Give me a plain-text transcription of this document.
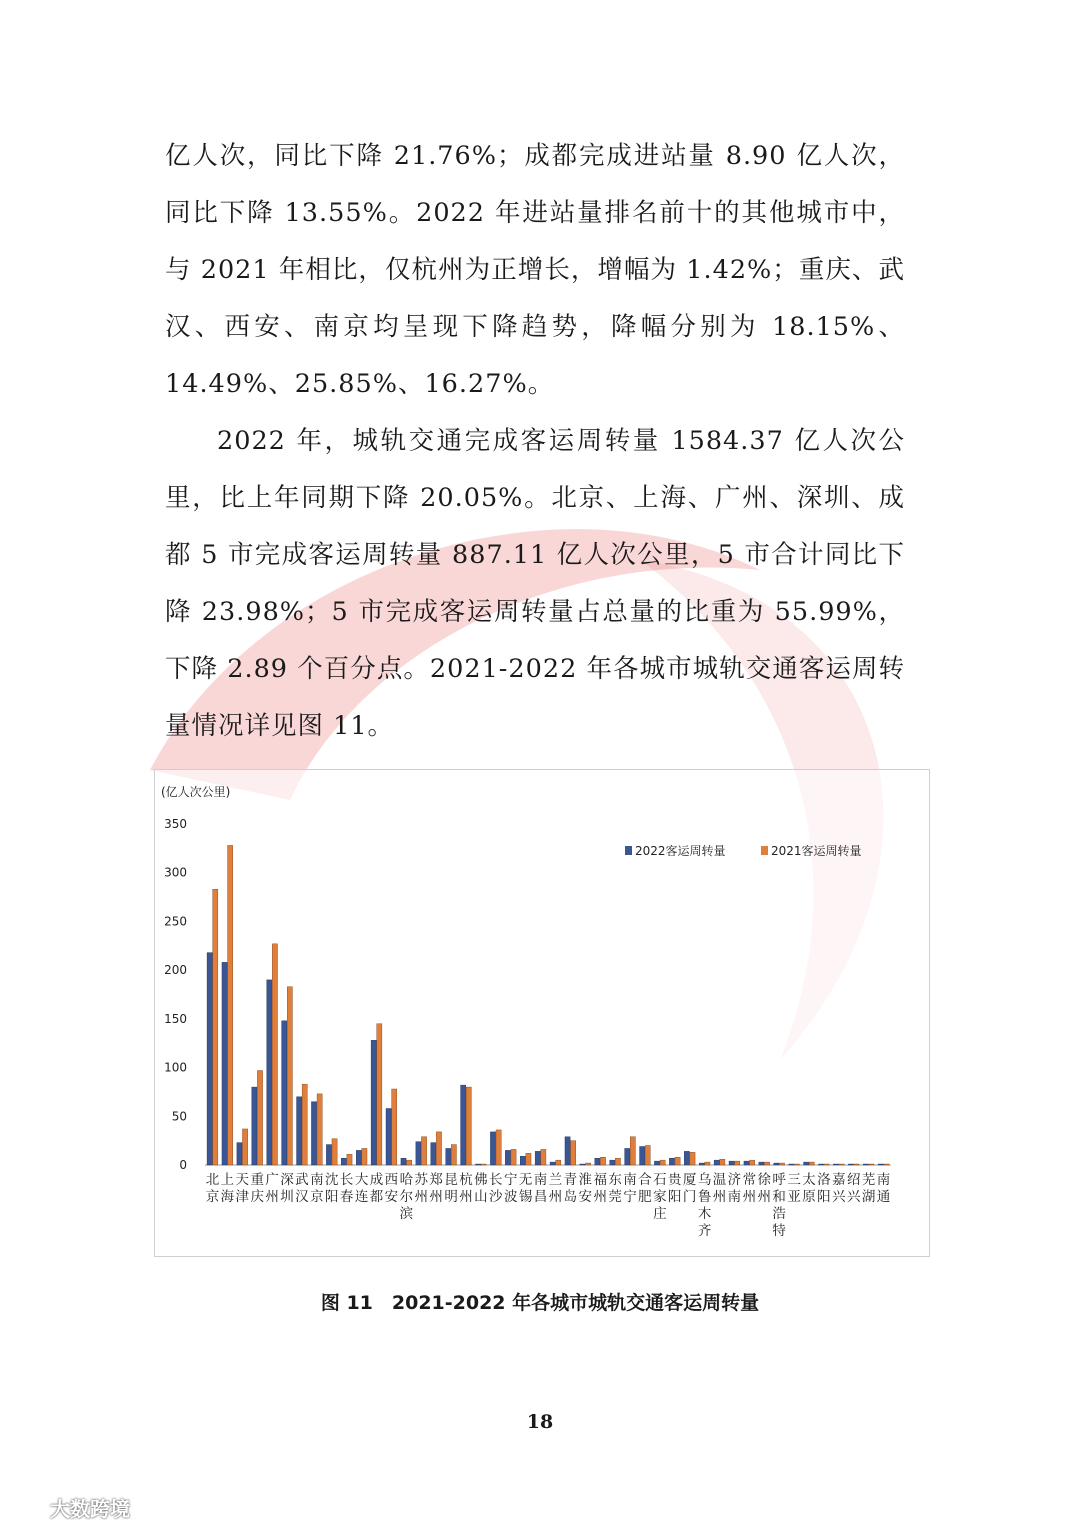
亿人次，同比下降 21.76%；成都完成进站量 8.90 亿人次，同比下降 13.55%。2022 年进站量排名前十的其他城市中，与 2021 年相比，仅杭州为正增长，增幅为 1.42%；重庆、武汉、西安、南京均呈现下降趋势，降幅分别为 18.15%、14.49%、25.85%、16.27%。

2022 年，城轨交通完成客运周转量 1584.37 亿人次公里，比上年同期下降 20.05%。北京、上海、广州、深圳、成都 5 市完成客运周转量 887.11 亿人次公里，5 市合计同比下降 23.98%；5 市完成客运周转量占总量的比重为 55.99%，下降 2.89 个百分点。2021-2022 年各城市城轨交通客运周转量情况详见图 11。

(亿人次公里)
0
50
100
150
200
250
300
350
北京
上海
天津
重庆
广州
深圳
武汉
南京
沈阳
长春
大连
成都
西安
哈尔滨
苏州
郑州
昆明
杭州
佛山
长沙
宁波
无锡
南昌
兰州
青岛
淮安
福州
东莞
南宁
合肥
石家庄
贵阳
厦门
乌鲁木齐
温州
济南
常州
徐州
呼和浩特
三亚
太原
洛阳
嘉兴
绍兴
芜湖
南通
2022客运周转量	2021客运周转量
图 11　2021-2022 年各城市城轨交通客运周转量
18
大数跨境
